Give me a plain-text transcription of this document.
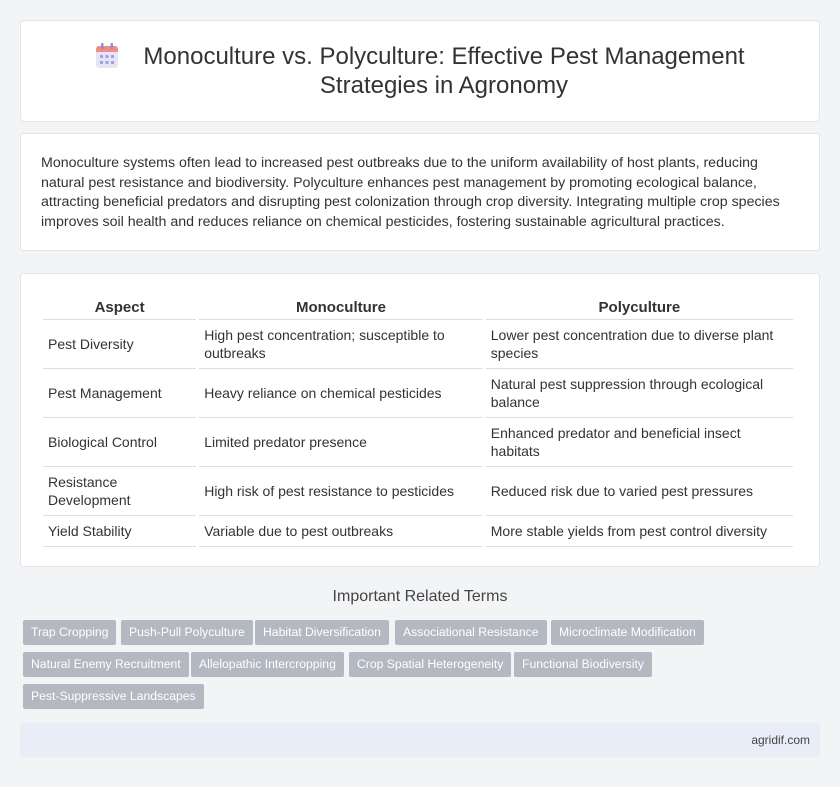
Monoculture vs. Polyculture: Effective Pest Management
Strategies in Agronomy

Monoculture systems often lead to increased pest outbreaks due to the uniform availability of host plants, reducing natural pest resistance and biodiversity. Polyculture enhances pest management by promoting ecological balance, attracting beneficial predators and disrupting pest colonization through crop diversity. Integrating multiple crop species improves soil health and reduces reliance on chemical pesticides, fostering sustainable agricultural practices.

Aspect	Monoculture	Polyculture
Pest Diversity	High pest concentration; susceptible to outbreaks	Lower pest concentration due to diverse plant species
Pest Management	Heavy reliance on chemical pesticides	Natural pest suppression through ecological balance
Biological Control	Limited predator presence	Enhanced predator and beneficial insect habitats
Resistance Development	High risk of pest resistance to pesticides	Reduced risk due to varied pest pressures
Yield Stability	Variable due to pest outbreaks	More stable yields from pest control diversity
Important Related Terms
Trap Cropping	Push-Pull Polyculture	Habitat Diversification	Associational Resistance	Microclimate Modification
Natural Enemy Recruitment	Allelopathic Intercropping	Crop Spatial Heterogeneity	Functional Biodiversity
Pest-Suppressive Landscapes
agridif.com
